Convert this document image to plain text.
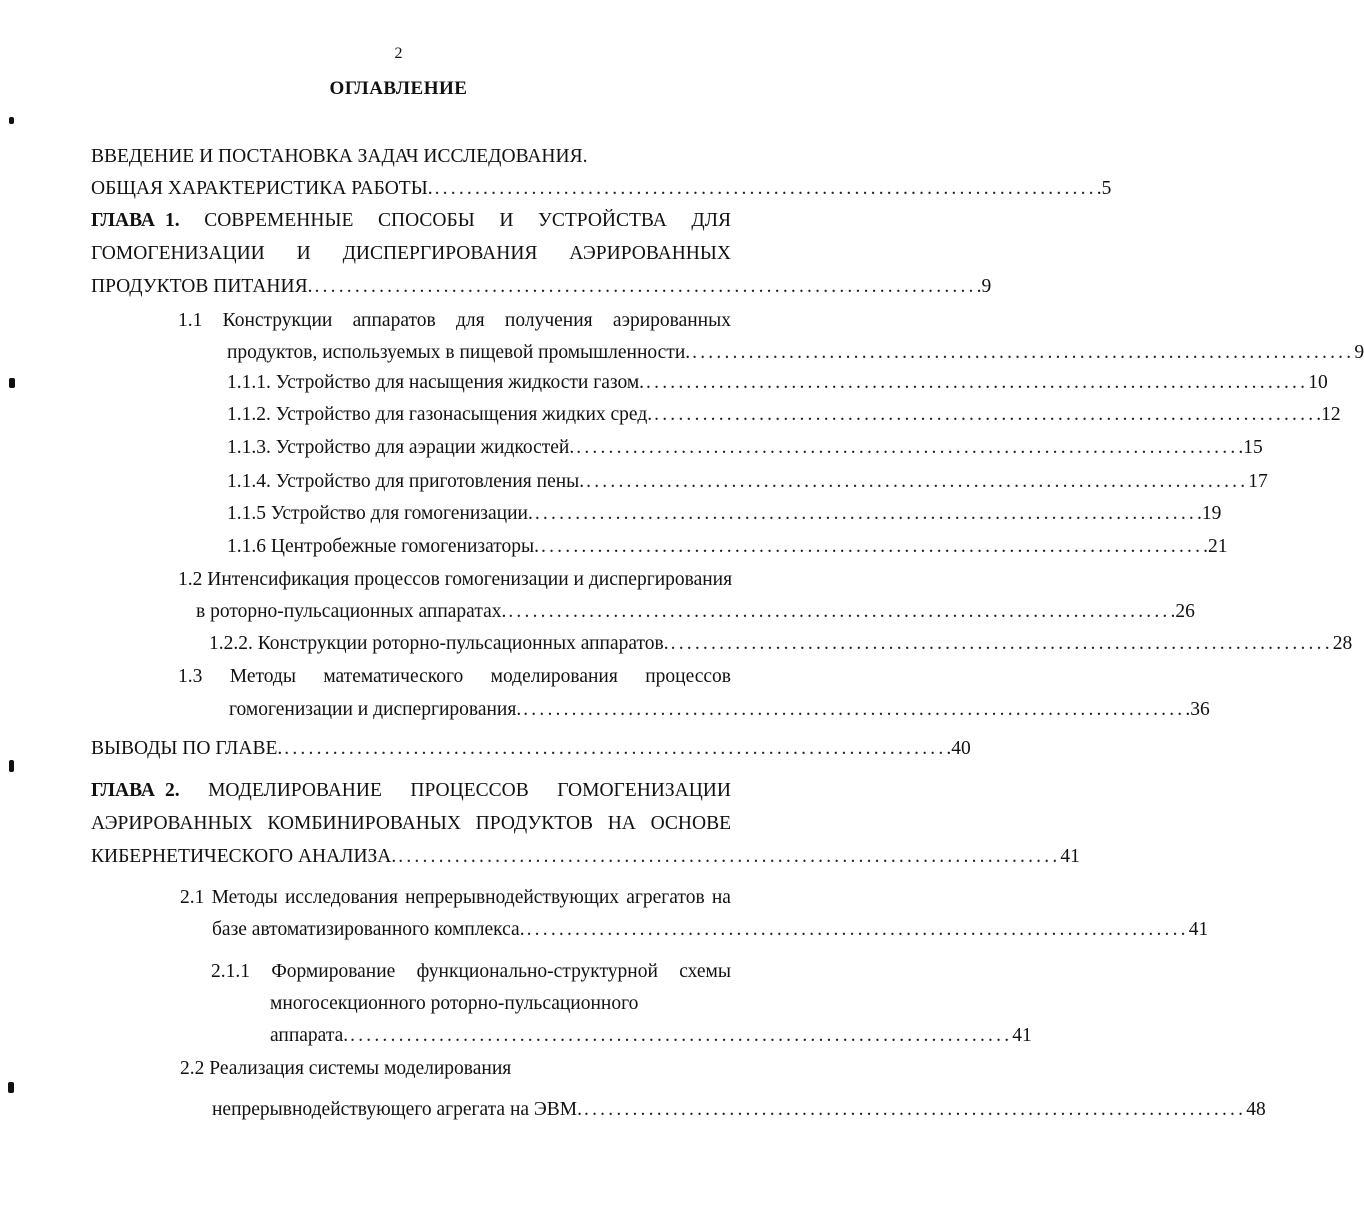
2
ОГЛАВЛЕНИЕ
ВВЕДЕНИЕ И ПОСТАНОВКА ЗАДАЧ ИССЛЕДОВАНИЯ.
ОБЩАЯ ХАРАКТЕРИСТИКА РАБОТЫ. .................................................................................. .5
ГЛАВА 1. СОВРЕМЕННЫЕ СПОСОБЫ И УСТРОЙСТВА ДЛЯ
ГОМОГЕНИЗАЦИИ И ДИСПЕРГИРОВАНИЯ АЭРИРОВАННЫХ
ПРОДУКТОВ ПИТАНИЯ. .................................................................................. .9
1.1 Конструкции аппаратов для получения аэрированных
продуктов, используемых в пищевой промышленности. .................................................................................. 9
1.1.1. Устройство для насыщения жидкости газом. .................................................................................. 10
1.1.2. Устройство для газонасыщения жидких сред. .................................................................................. .12
1.1.3. Устройство для аэрации жидкостей. .................................................................................. .15
1.1.4. Устройство для приготовления пены. .................................................................................. 17
1.1.5 Устройство для гомогенизации. .................................................................................. .19
1.1.6 Центробежные гомогенизаторы. .................................................................................. .21
1.2 Интенсификация процессов гомогенизации и диспергирования
в роторно-пульсационных аппаратах. .................................................................................. .26
1.2.2. Конструкции роторно-пульсационных аппаратов. .................................................................................. 28
1.3 Методы математического моделирования процессов
гомогенизации и диспергирования. .................................................................................. .36
ВЫВОДЫ ПО ГЛАВЕ. .................................................................................. .40
ГЛАВА 2. МОДЕЛИРОВАНИЕ ПРОЦЕССОВ ГОМОГЕНИЗАЦИИ
АЭРИРОВАННЫХ КОМБИНИРОВАНЫХ ПРОДУКТОВ НА ОСНОВЕ
КИБЕРНЕТИЧЕСКОГО АНАЛИЗА. .................................................................................. 41
2.1 Методы исследования непрерывнодействующих агрегатов на
базе автоматизированного комплекса. .................................................................................. 41
2.1.1 Формирование функционально-структурной схемы
многосекционного роторно-пульсационного
аппарата. .................................................................................. 41
2.2 Реализация системы моделирования
непрерывнодействующего агрегата на ЭВМ. .................................................................................. 48
